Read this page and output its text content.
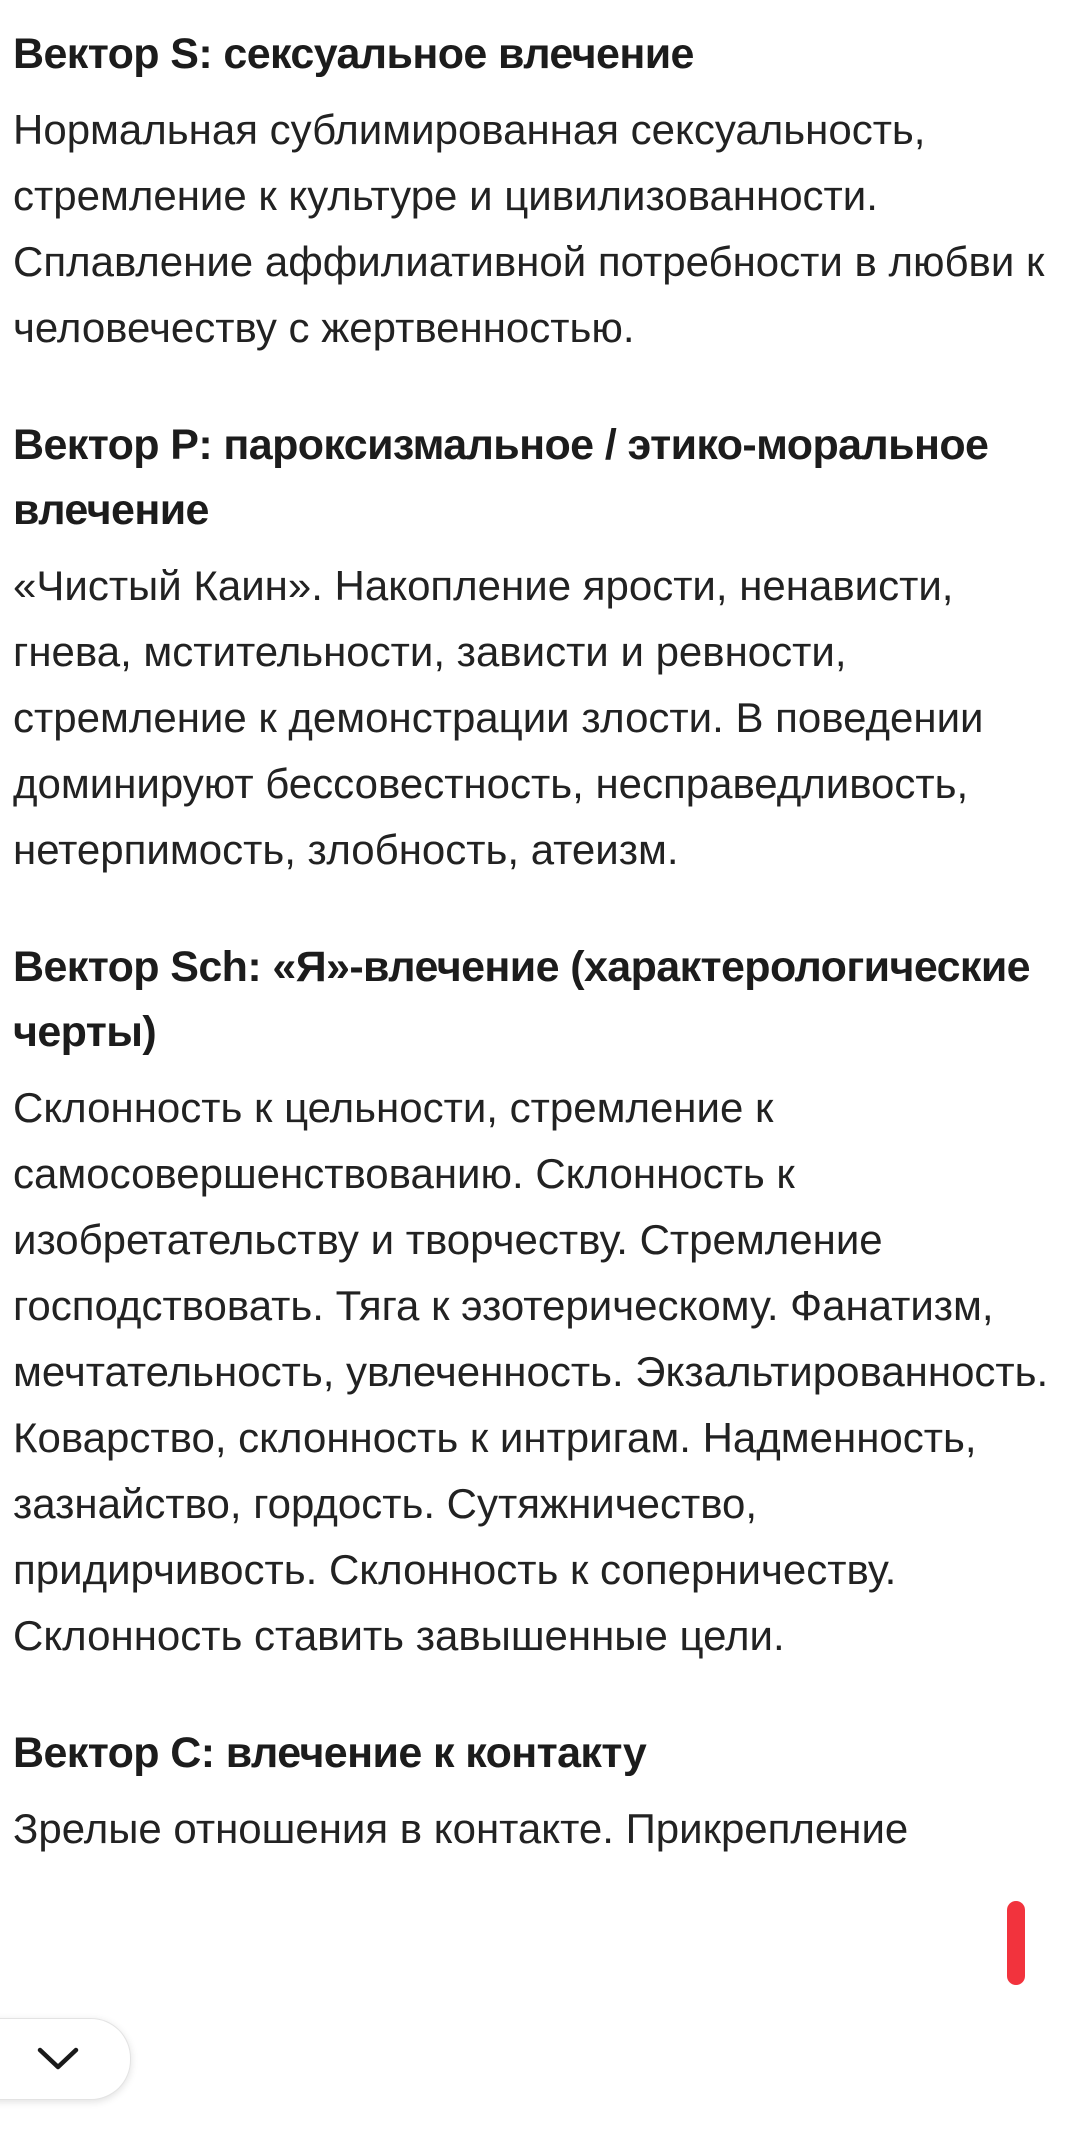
Вектор S: сексуальное влечение

Нормальная сублимированная сексуальность, стремление к культуре и цивилизованности. Сплавление аффилиативной потребности в любви к человечеству с жертвенностью.

Вектор P: пароксизмальное / этико-моральное влечение

«Чистый Каин». Накопление ярости, ненависти, гнева, мстительности, зависти и ревности, стремление к демонстрации злости. В поведении доминируют бессовестность, несправедливость, нетерпимость, злобность, атеизм.

Вектор Sch: «Я»-влечение (характерологические черты)

Склонность к цельности, стремление к самосовершенствованию. Склонность к изобретательству и творчеству. Стремление господствовать. Тяга к эзотерическому. Фанатизм, мечтательность, увлеченность. Экзальтированность. Коварство, склонность к интригам. Надменность, зазнайство, гордость. Сутяжничество, придирчивость. Склонность к соперничеству. Склонность ставить завышенные цели.

Вектор C: влечение к контакту

Зрелые отношения в контакте. Прикрепление
